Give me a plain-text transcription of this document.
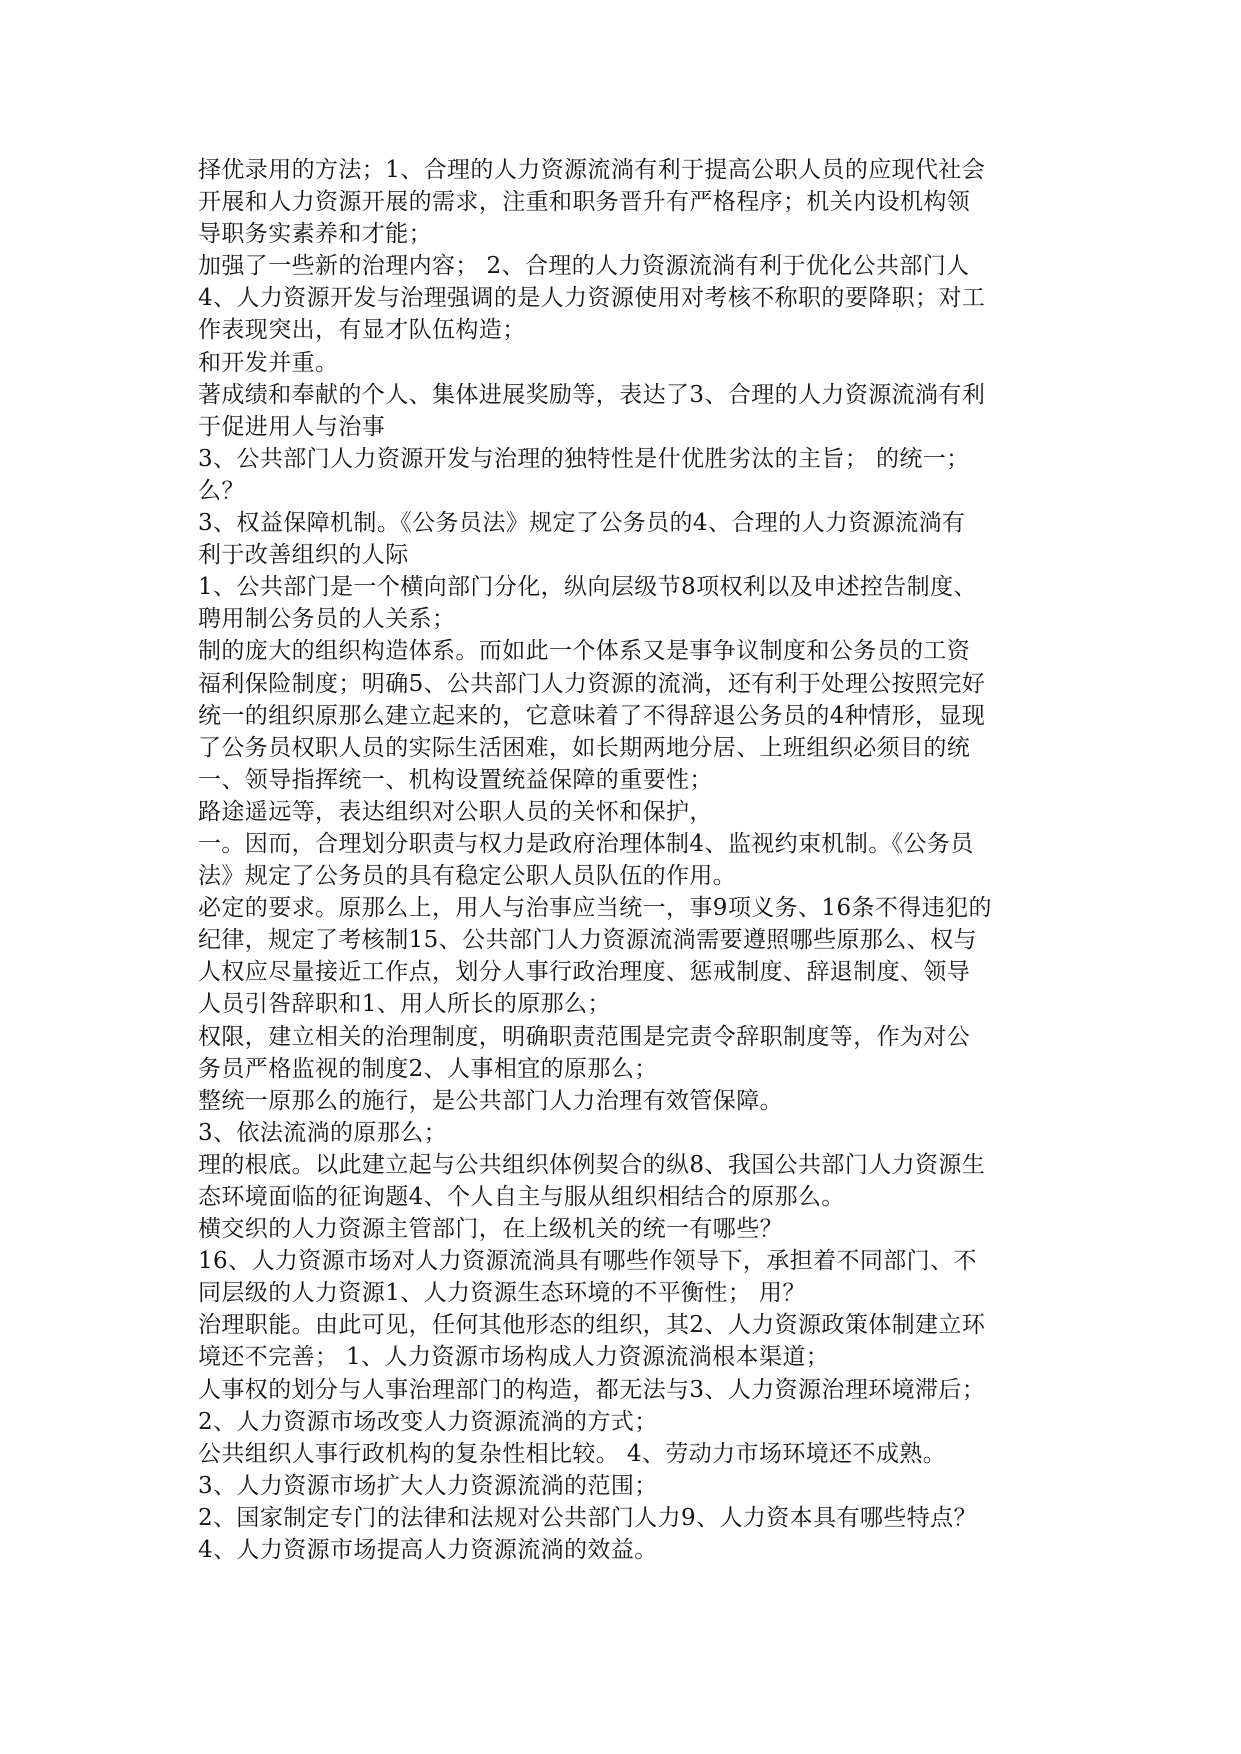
择优录用的方法；1、合理的人力资源流淌有利于提高公职人员的应现代社会
开展和人力资源开展的需求，注重和职务晋升有严格程序；机关内设机构领
导职务实素养和才能；
加强了一些新的治理内容； 2、合理的人力资源流淌有利于优化公共部门人
4、人力资源开发与治理强调的是人力资源使用对考核不称职的要降职；对工
作表现突出，有显才队伍构造；
和开发并重。
著成绩和奉献的个人、集体进展奖励等，表达了3、合理的人力资源流淌有利
于促进用人与治事
3、公共部门人力资源开发与治理的独特性是什优胜劣汰的主旨； 的统一；
么？
3、权益保障机制。《公务员法》规定了公务员的4、合理的人力资源流淌有
利于改善组织的人际
1、公共部门是一个横向部门分化，纵向层级节8项权利以及申述控告制度、
聘用制公务员的人关系；
制的庞大的组织构造体系。而如此一个体系又是事争议制度和公务员的工资
福利保险制度；明确5、公共部门人力资源的流淌，还有利于处理公按照完好
统一的组织原那么建立起来的，它意味着了不得辞退公务员的4种情形，显现
了公务员权职人员的实际生活困难，如长期两地分居、上班组织必须目的统
一、领导指挥统一、机构设置统益保障的重要性；
路途遥远等，表达组织对公职人员的关怀和保护，
一。因而，合理划分职责与权力是政府治理体制4、监视约束机制。《公务员
法》规定了公务员的具有稳定公职人员队伍的作用。
必定的要求。原那么上，用人与治事应当统一，事9项义务、16条不得违犯的
纪律，规定了考核制15、公共部门人力资源流淌需要遵照哪些原那么、权与
人权应尽量接近工作点，划分人事行政治理度、惩戒制度、辞退制度、领导
人员引咎辞职和1、用人所长的原那么；
权限，建立相关的治理制度，明确职责范围是完责令辞职制度等，作为对公
务员严格监视的制度2、人事相宜的原那么；
整统一原那么的施行，是公共部门人力治理有效管保障。
3、依法流淌的原那么；
理的根底。以此建立起与公共组织体例契合的纵8、我国公共部门人力资源生
态环境面临的征询题4、个人自主与服从组织相结合的原那么。
横交织的人力资源主管部门，在上级机关的统一有哪些？
16、人力资源市场对人力资源流淌具有哪些作领导下，承担着不同部门、不
同层级的人力资源1、人力资源生态环境的不平衡性； 用？
治理职能。由此可见，任何其他形态的组织，其2、人力资源政策体制建立环
境还不完善； 1、人力资源市场构成人力资源流淌根本渠道；
人事权的划分与人事治理部门的构造，都无法与3、人力资源治理环境滞后；
2、人力资源市场改变人力资源流淌的方式；
公共组织人事行政机构的复杂性相比较。 4、劳动力市场环境还不成熟。
3、人力资源市场扩大人力资源流淌的范围；
2、国家制定专门的法律和法规对公共部门人力9、人力资本具有哪些特点？
4、人力资源市场提高人力资源流淌的效益。
